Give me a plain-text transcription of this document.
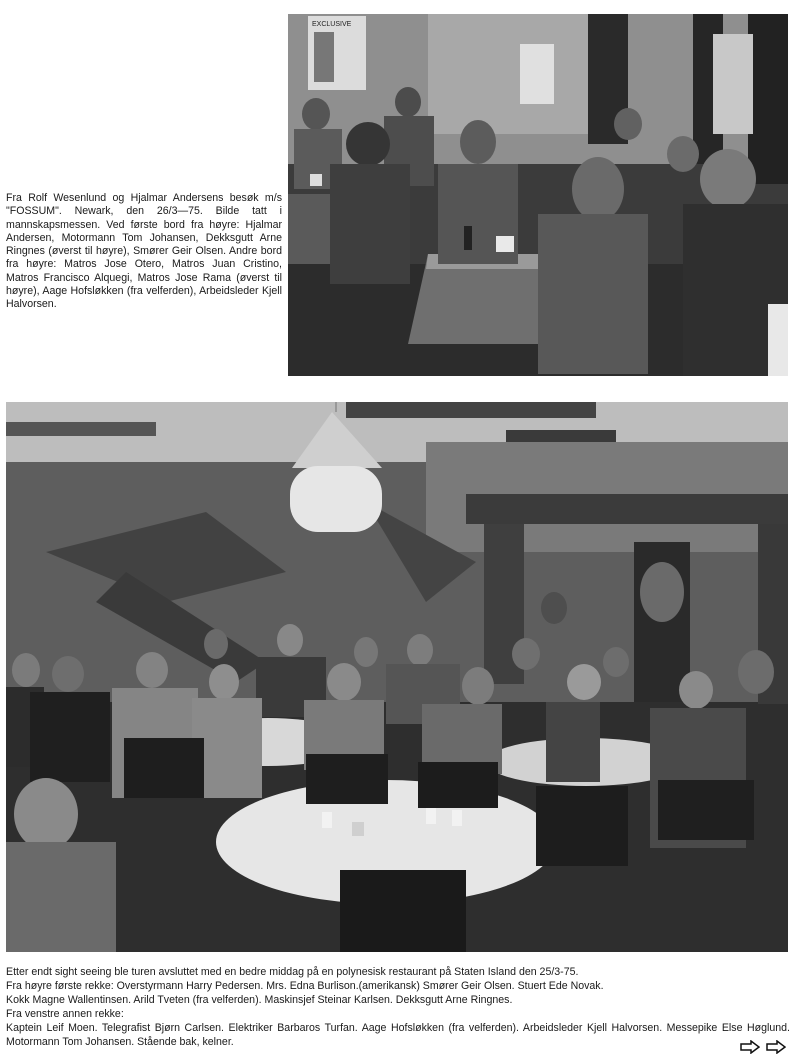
Fra Rolf Wesenlund og Hjalmar Andersens besøk m/s "FOSSUM". Newark, den 26/3—75. Bilde tatt i mannskapsmessen. Ved første bord fra høyre: Hjalmar Andersen, Motormann Tom Johansen, Dekksgutt Arne Ringnes (øverst til høyre), Smører Geir Olsen. Andre bord fra høyre: Matros Jose Otero, Matros Juan Cristino, Matros Francisco Alquegi, Matros Jose Rama (øverst til høyre), Aage Hofsløkken (fra velferden), Arbeidsleder Kjell Halvorsen.
EXCLUSIVE

Etter endt sight seeing ble turen avsluttet med en bedre middag på en polynesisk restaurant på Staten Island den 25/3-75.

Fra høyre første rekke: Overstyrmann Harry Pedersen. Mrs. Edna Burlison.(amerikansk) Smører Geir Olsen. Stuert Ede Novak.

Kokk Magne Wallentinsen. Arild Tveten (fra velferden). Maskinsjef Steinar Karlsen. Dekksgutt Arne Ringnes.

Fra venstre annen rekke:

Kaptein Leif Moen. Telegrafist Bjørn Carlsen. Elektriker Barbaros Turfan. Aage Hofsløkken (fra velferden). Arbeidsleder Kjell Halvorsen. Messepike Else Høglund. Motormann Tom Johansen. Stående bak, kelner.
